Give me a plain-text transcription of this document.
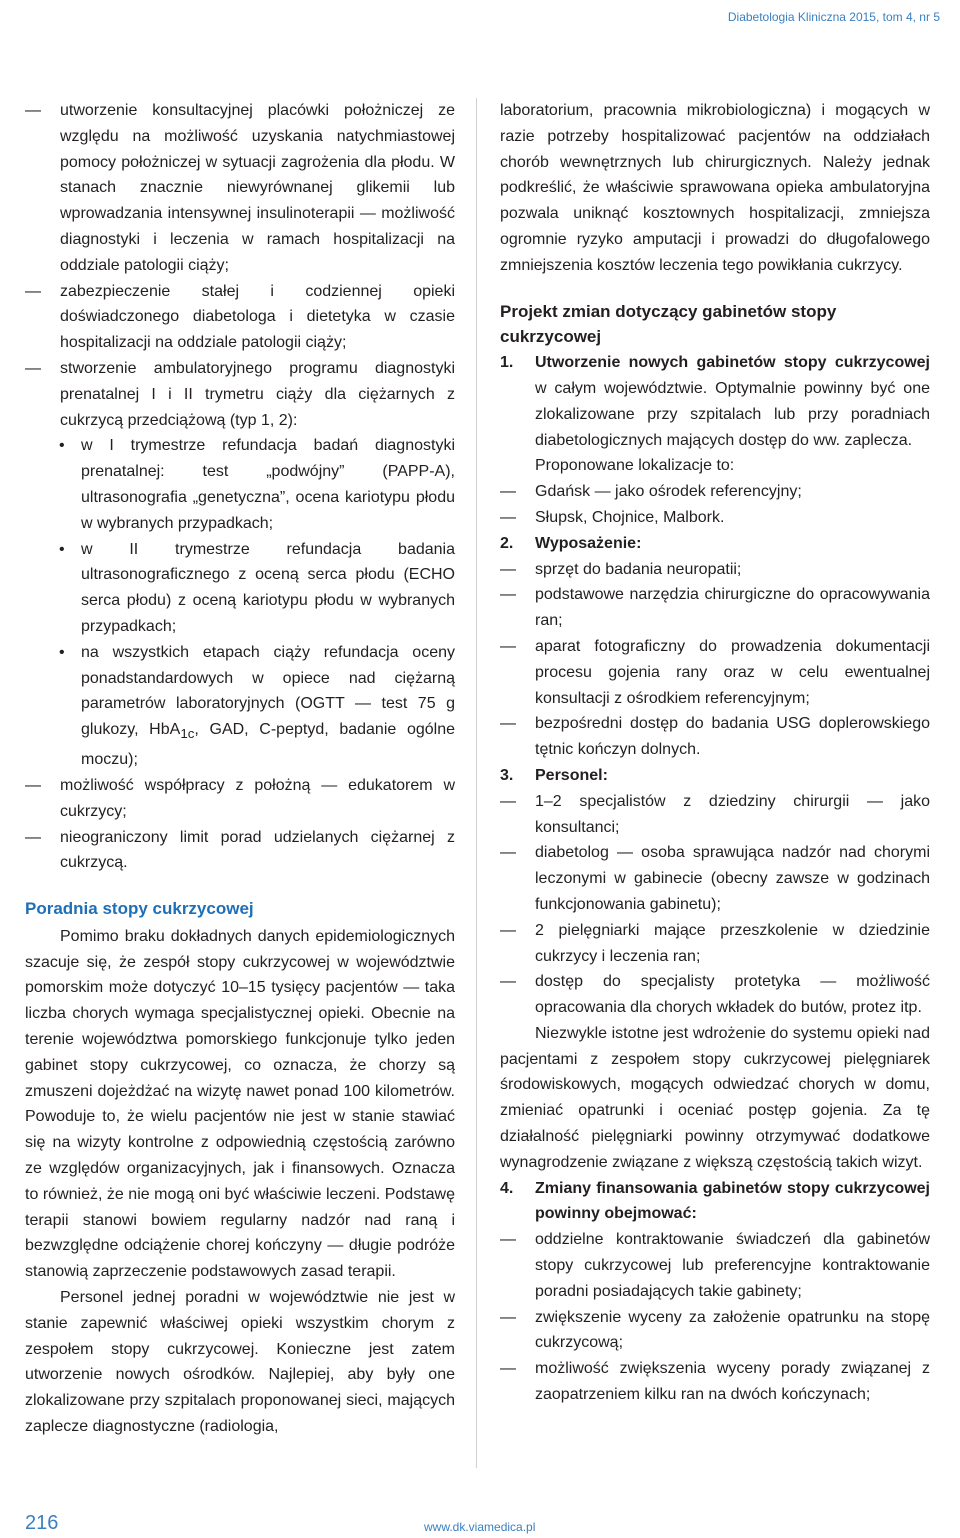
Diabetologia Kliniczna 2015, tom 4, nr 5
— utworzenie konsultacyjnej placówki położniczej ze względu na możliwość uzyskania natychmiastowej pomocy położniczej w sytuacji zagrożenia dla płodu. W stanach znacznie niewyrównanej glikemii lub wprowadzania intensywnej insulinoterapii — możliwość diagnostyki i leczenia w ramach hospitalizacji na oddziale patologii ciąży;
— zabezpieczenie stałej i codziennej opieki doświadczonego diabetologa i dietetyka w czasie hospitalizacji na oddziale patologii ciąży;
— stworzenie ambulatoryjnego programu diagnostyki prenatalnej I i II trymetru ciąży dla ciężarnych z cukrzycą przedciążową (typ 1, 2):
• w I trymestrze refundacja badań diagnostyki prenatalnej: test „podwójny” (PAPP-A), ultrasonografia „genetyczna”, ocena kariotypu płodu w wybranych przypadkach;
• w II trymestrze refundacja badania ultrasonograficznego z oceną serca płodu (ECHO serca płodu) z oceną kariotypu płodu w wybranych przypadkach;
• na wszystkich etapach ciąży refundacja oceny ponadstandardowych w opiece nad ciężarną parametrów laboratoryjnych (OGTT — test 75 g glukozy, HbA$_{1c}$, GAD, C-peptyd, badanie ogólne moczu);
— możliwość współpracy z położną — edukatorem w cukrzycy;
— nieograniczony limit porad udzielanych ciężarnej z cukrzycą.
Poradnia stopy cukrzycowej

Pomimo braku dokładnych danych epidemiologicznych szacuje się, że zespół stopy cukrzycowej w województwie pomorskim może dotyczyć 10–15 tysięcy pacjentów — taka liczba chorych wymaga specjalistycznej opieki. Obecnie na terenie województwa pomorskiego funkcjonuje tylko jeden gabinet stopy cukrzycowej, co oznacza, że chorzy są zmuszeni dojeżdżać na wizytę nawet ponad 100 kilometrów. Powoduje to, że wielu pacjentów nie jest w stanie stawiać się na wizyty kontrolne z odpowiednią częstością zarówno ze względów organizacyjnych, jak i finansowych. Oznacza to również, że nie mogą oni być właściwie leczeni. Podstawę terapii stanowi bowiem regularny nadzór nad raną i bezwzględne odciążenie chorej kończyny — długie podróże stanowią zaprzeczenie podstawowych zasad terapii.

Personel jednej poradni w województwie nie jest w stanie zapewnić właściwej opieki wszystkim chorym z zespołem stopy cukrzycowej. Konieczne jest zatem utworzenie nowych ośrodków. Najlepiej, aby były one zlokalizowane przy szpitalach proponowanej sieci, mających zaplecze diagnostyczne (radiologia,

laboratorium, pracownia mikrobiologiczna) i mogących w razie potrzeby hospitalizować pacjentów na oddziałach chorób wewnętrznych lub chirurgicznych. Należy jednak podkreślić, że właściwie sprawowana opieka ambulatoryjna pozwala uniknąć kosztownych hospitalizacji, zmniejsza ogromnie ryzyko amputacji i prowadzi do długofalowego zmniejszenia kosztów leczenia tego powikłania cukrzycy.

Projekt zmian dotyczący gabinetów stopy cukrzycowej
1. Utworzenie nowych gabinetów stopy cukrzycowej w całym województwie. Optymalnie powinny być one zlokalizowane przy szpitalach lub przy poradniach diabetologicznych mających dostęp do ww. zaplecza.
Proponowane lokalizacje to:
— Gdańsk — jako ośrodek referencyjny;
— Słupsk, Chojnice, Malbork.
2. Wyposażenie:
— sprzęt do badania neuropatii;
— podstawowe narzędzia chirurgiczne do opracowywania ran;
— aparat fotograficzny do prowadzenia dokumentacji procesu gojenia rany oraz w celu ewentualnej konsultacji z ośrodkiem referencyjnym;
— bezpośredni dostęp do badania USG doplerowskiego tętnic kończyn dolnych.
3. Personel:
— 1–2 specjalistów z dziedziny chirurgii — jako konsultanci;
— diabetolog — osoba sprawująca nadzór nad chorymi leczonymi w gabinecie (obecny zawsze w godzinach funkcjonowania gabinetu);
— 2 pielęgniarki mające przeszkolenie w dziedzinie cukrzycy i leczenia ran;
— dostęp do specjalisty protetyka — możliwość opracowania dla chorych wkładek do butów, protez itp.

Niezwykle istotne jest wdrożenie do systemu opieki nad pacjentami z zespołem stopy cukrzycowej pielęgniarek środowiskowych, mogących odwiedzać chorych w domu, zmieniać opatrunki i oceniać postęp gojenia. Za tę działalność pielęgniarki powinny otrzymywać dodatkowe wynagrodzenie związane z większą częstością takich wizyt.

4. Zmiany finansowania gabinetów stopy cukrzycowej powinny obejmować:
— oddzielne kontraktowanie świadczeń dla gabinetów stopy cukrzycowej lub preferencyjne kontraktowanie poradni posiadających takie gabinety;
— zwiększenie wyceny za założenie opatrunku na stopę cukrzycową;
— możliwość zwiększenia wyceny porady związanej z zaopatrzeniem kilku ran na dwóch kończynach;
216	www.dk.viamedica.pl
